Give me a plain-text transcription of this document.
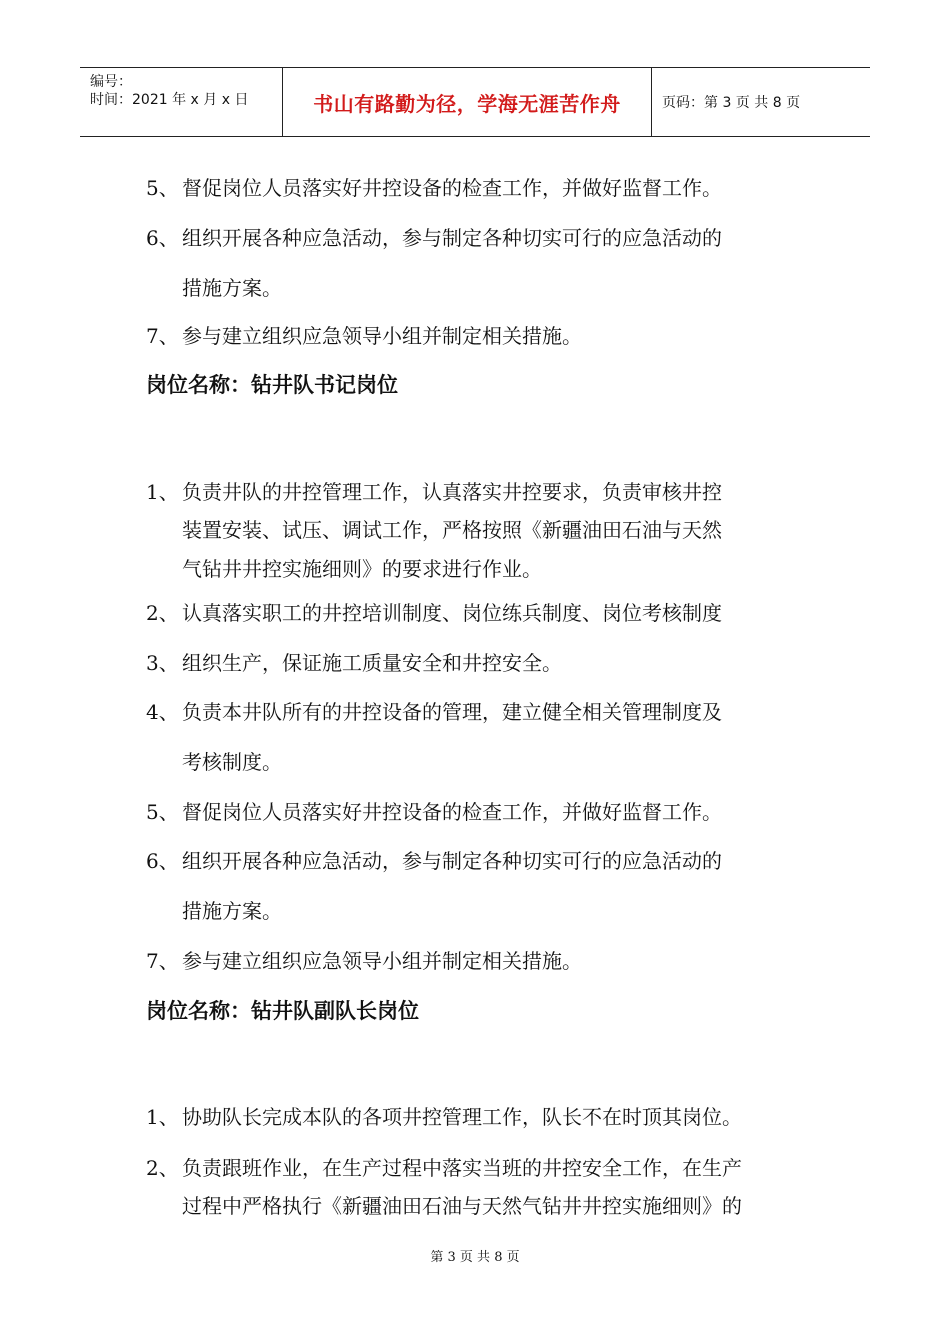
编号：
时间：2021 年 x 月 x 日	书山有路勤为径，学海无涯苦作舟	页码：第 3 页 共 8 页
5、 督促岗位人员落实好井控设备的检查工作，并做好监督工作。
6、 组织开展各种应急活动，参与制定各种切实可行的应急活动的
措施方案。
7、 参与建立组织应急领导小组并制定相关措施。
岗位名称：钻井队书记岗位
1、 负责井队的井控管理工作，认真落实井控要求，负责审核井控
装置安装、试压、调试工作，严格按照《新疆油田石油与天然
气钻井井控实施细则》的要求进行作业。
2、 认真落实职工的井控培训制度、岗位练兵制度、岗位考核制度
3、 组织生产，保证施工质量安全和井控安全。
4、 负责本井队所有的井控设备的管理，建立健全相关管理制度及
考核制度。
5、 督促岗位人员落实好井控设备的检查工作，并做好监督工作。
6、 组织开展各种应急活动，参与制定各种切实可行的应急活动的
措施方案。
7、 参与建立组织应急领导小组并制定相关措施。
岗位名称：钻井队副队长岗位
1、 协助队长完成本队的各项井控管理工作，队长不在时顶其岗位。
2、 负责跟班作业，在生产过程中落实当班的井控安全工作，在生产
过程中严格执行《新疆油田石油与天然气钻井井控实施细则》的
第 3 页 共 8 页
